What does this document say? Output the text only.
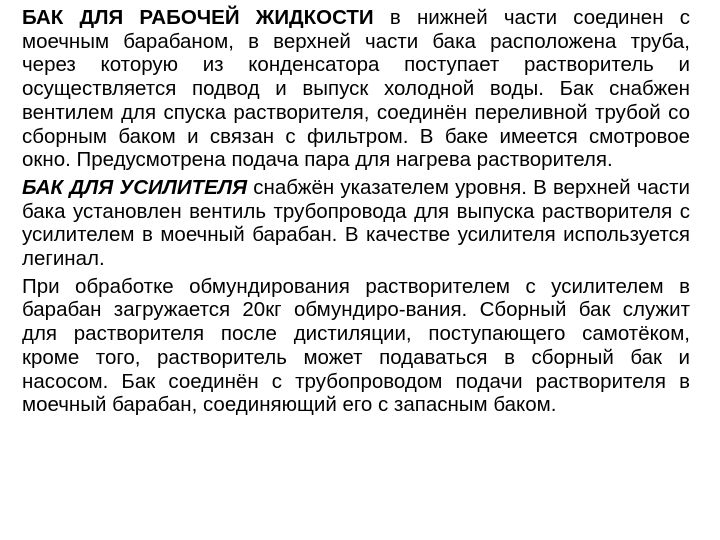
БАК ДЛЯ РАБОЧЕЙ ЖИДКОСТИ в нижней части соединен с моечным барабаном, в верхней части бака расположена труба, через которую из конденсатора поступает растворитель и осуществляется подвод и выпуск холодной воды. Бак снабжен вентилем для спуска растворителя, соединён переливной трубой со сборным баком и связан с фильтром. В баке имеется смотровое окно. Предусмотрена подача пара для нагрева растворителя.

БАК ДЛЯ УСИЛИТЕЛЯ снабжён указателем уровня. В верхней части бака установлен вентиль трубопровода для выпуска растворителя с усилителем в моечный барабан. В качестве усилителя используется легинал.

При обработке обмундирования растворителем с усилителем в барабан загружается 20кг обмундиро-вания. Сборный бак служит для растворителя после дистиляции, поступающего самотёком, кроме того, растворитель может подаваться в сборный бак и насосом. Бак соединён с трубопроводом подачи растворителя в моечный барабан, соединяющий его с запасным баком.
